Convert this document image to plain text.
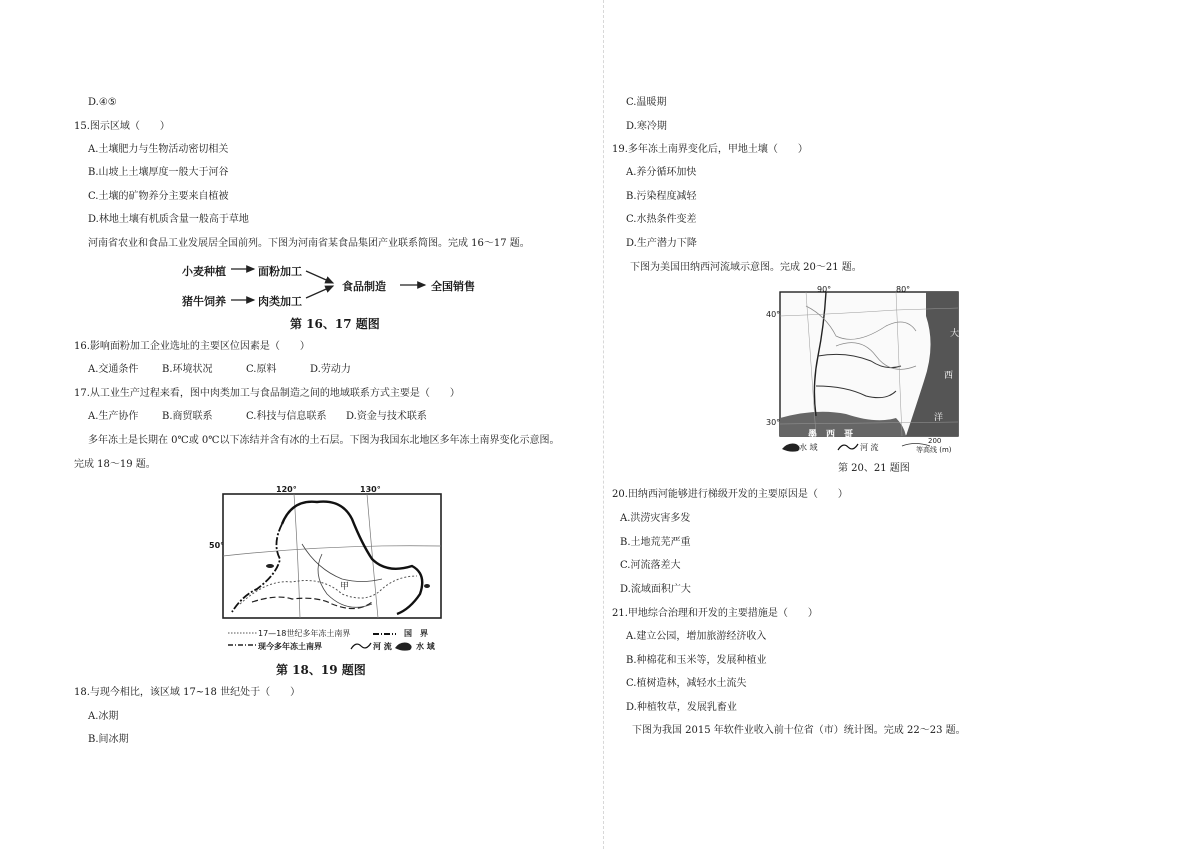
D.④⑤
15.图示区域（　　）
A.土壤肥力与生物活动密切相关
B.山坡上土壤厚度一般大于河谷
C.土壤的矿物养分主要来自植被
D.林地土壤有机质含量一般高于草地
河南省农业和食品工业发展居全国前列。下图为河南省某食品集团产业联系简图。完成 16～17 题。
小麦种植	面粉加工
猪牛饲养	肉类加工
食品制造	全国销售
第 16、17 题图
16.影响面粉加工企业选址的主要区位因素是（　　）
A.交通条件 B.环境状况	C.原料	D.劳动力
17.从工业生产过程来看，图中肉类加工与食品制造之间的地域联系方式主要是（　　）
A.生产协作 B.商贸联系	C.科技与信息联系 D.资金与技术联系
多年冻土是长期在 0℃或 0℃以下冻结并含有冰的土石层。下图为我国东北地区多年冻土南界变化示意图。
完成 18～19 题。
120°	130°
50°
甲
17—18世纪多年冻土南界
现今多年冻土南界
国　界
河 流	水 域
第 18、19 题图
18.与现今相比，该区域 17~18 世纪处于（　　）
A.冰期
B.间冰期
C.温暖期
D.寒冷期
19.多年冻土南界变化后，甲地土壤（　　）
A.养分循环加快
B.污染程度减轻
C.水热条件变差
D.生产潜力下降
下图为美国田纳西河流域示意图。完成 20～21 题。
90°	80°
40°
30°
大
西
洋
墨　西　哥
水 域	河 流
200
等高线 (m)
第 20、21 题图
20.田纳西河能够进行梯级开发的主要原因是（　　）
A.洪涝灾害多发
B.土地荒芜严重
C.河流落差大
D.流域面积广大
21.甲地综合治理和开发的主要措施是（　　）
A.建立公园，增加旅游经济收入
B.种棉花和玉米等，发展种植业
C.植树造林，减轻水土流失
D.种植牧草，发展乳畜业
下图为我国 2015 年软件业收入前十位省（市）统计图。完成 22～23 题。
